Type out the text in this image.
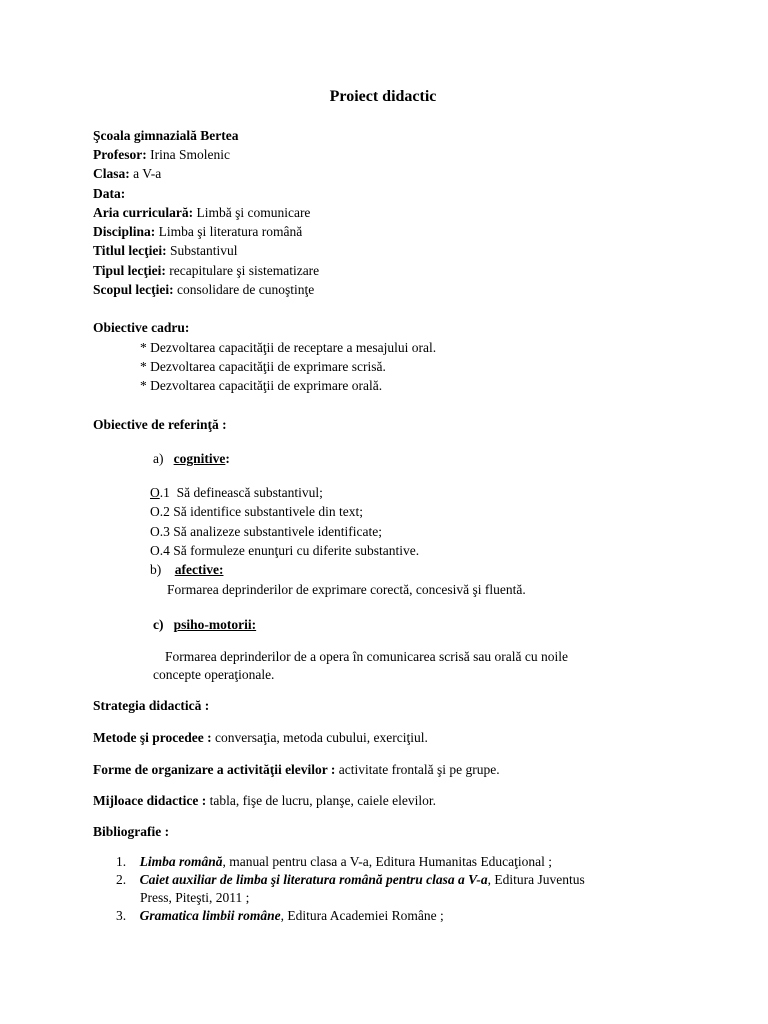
Proiect didactic
Şcoala gimnazială Bertea
Profesor: Irina Smolenic
Clasa: a V-a
Data:
Aria curriculară: Limbă şi comunicare
Disciplina: Limba şi literatura română
Titlul lecţiei: Substantivul
Tipul lecţiei: recapitulare şi sistematizare
Scopul lecţiei: consolidare de cunoştinţe
Obiective cadru:
* Dezvoltarea capacităţii de receptare a mesajului oral.
* Dezvoltarea capacităţii de exprimare scrisă.
* Dezvoltarea capacităţii de exprimare orală.
Obiective de referinţă :
a) cognitive:
O.1 Să definească substantivul;
O.2 Să identifice substantivele din text;
O.3 Să analizeze substantivele identificate;
O.4 Să formuleze enunţuri cu diferite substantive.
b) afective:
Formarea deprinderilor de exprimare corectă, concesivă şi fluentă.
c) psiho-motorii:
Formarea deprinderilor de a opera în comunicarea scrisă sau orală cu noile
concepte operaţionale.
Strategia didactică :
Metode şi procedee : conversaţia, metoda cubului, exerciţiul.
Forme de organizare a activităţii elevilor : activitate frontală şi pe grupe.
Mijloace didactice : tabla, fişe de lucru, planşe, caiele elevilor.
Bibliografie :
1. Limba română, manual pentru clasa a V-a, Editura Humanitas Educaţional ;
2. Caiet auxiliar de limba şi literatura română pentru clasa a V-a, Editura Juventus
Press, Piteşti, 2011 ;
3. Gramatica limbii române, Editura Academiei Române ;
